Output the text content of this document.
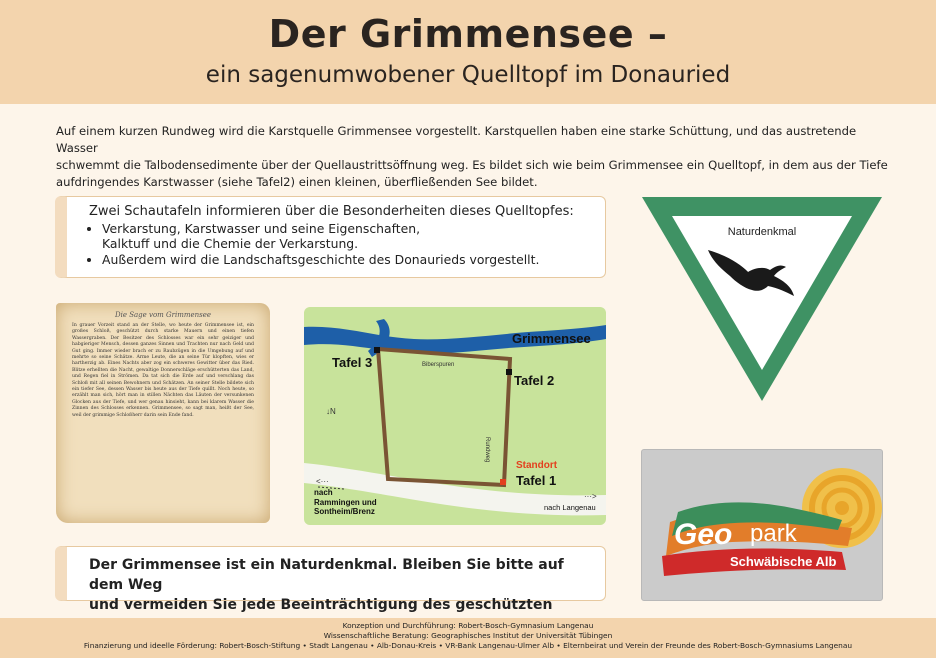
Der Grimmensee –
ein sagenumwobener Quelltopf im Donauried
Auf einem kurzen Rundweg wird die Karstquelle Grimmensee vorgestellt. Karstquellen haben eine starke Schüttung, und das austretende Wasser
schwemmt die Talbodensedimente über der Quellaustrittsöffnung weg. Es bildet sich wie beim Grimmensee ein Quelltopf, in dem aus der Tiefe
aufdringendes Karstwasser (siehe Tafel2) einen kleinen, überfließenden See bildet.
Zwei Schautafeln informieren über die Besonderheiten dieses Quelltopfes:
• Verkarstung, Karstwasser und seine Eigenschaften,
Kalktuff und die Chemie der Verkarstung.
• Außerdem wird die Landschaftsgeschichte des Donaurieds vorgestellt.
Der Grimmensee ist ein Naturdenkmal. Bleiben Sie bitte auf dem Weg
und vermeiden Sie jede Beeinträchtigung des geschützten
Naturdenkmal
Die Sage vom Grimmensee
In grauer Vorzeit stand an der Stelle, wo heute der Grimmensee ist, ein großes Schloß, geschützt durch starke Mauern und einen tiefen Wassergraben. Der Besitzer des Schlosses war ein sehr geiziger und habgieriger Mensch, dessen ganzes Sinnen und Trachten nur nach Geld und Gut ging. Immer wieder brach er zu Raubzügen in die Umgebung auf und mehrte so seine Schätze. Arme Leute, die an seine Tür klopften, wies er hartherzig ab. Eines Nachts aber zog ein schweres Gewitter über das Ried. Blitze erhellten die Nacht, gewaltige Donnerschläge erschütterten das Land, und Regen fiel in Strömen. Da tat sich die Erde auf und verschlang das Schloß mit all seinen Bewohnern und Schätzen. An seiner Stelle bildete sich ein tiefer See, dessen Wasser bis heute aus der Tiefe quillt. Noch heute, so erzählt man sich, hört man in stillen Nächten das Läuten der versunkenen Glocken aus der Tiefe, und wer genau hinsieht, kann bei klarem Wasser die Zinnen des Schlosses erkennen. Grimmensee, so sagt man, heißt der See, weil der grimmige Schloßherr darin sein Ende fand.
Grimmensee
Tafel 3
Tafel 2
Tafel 1
Standort
Biberspuren
Rundweg
↓N
<···
nach
Rammingen und
Sontheim/Brenz
···>
nach Langenau
Geo park
Schwäbische Alb
Konzeption und Durchführung: Robert-Bosch-Gymnasium Langenau
Wissenschaftliche Beratung: Geographisches Institut der Universität Tübingen
Finanzierung und ideelle Förderung: Robert-Bosch-Stiftung • Stadt Langenau • Alb-Donau-Kreis • VR-Bank Langenau-Ulmer Alb • Elternbeirat und Verein der Freunde des Robert-Bosch-Gymnasiums Langenau
